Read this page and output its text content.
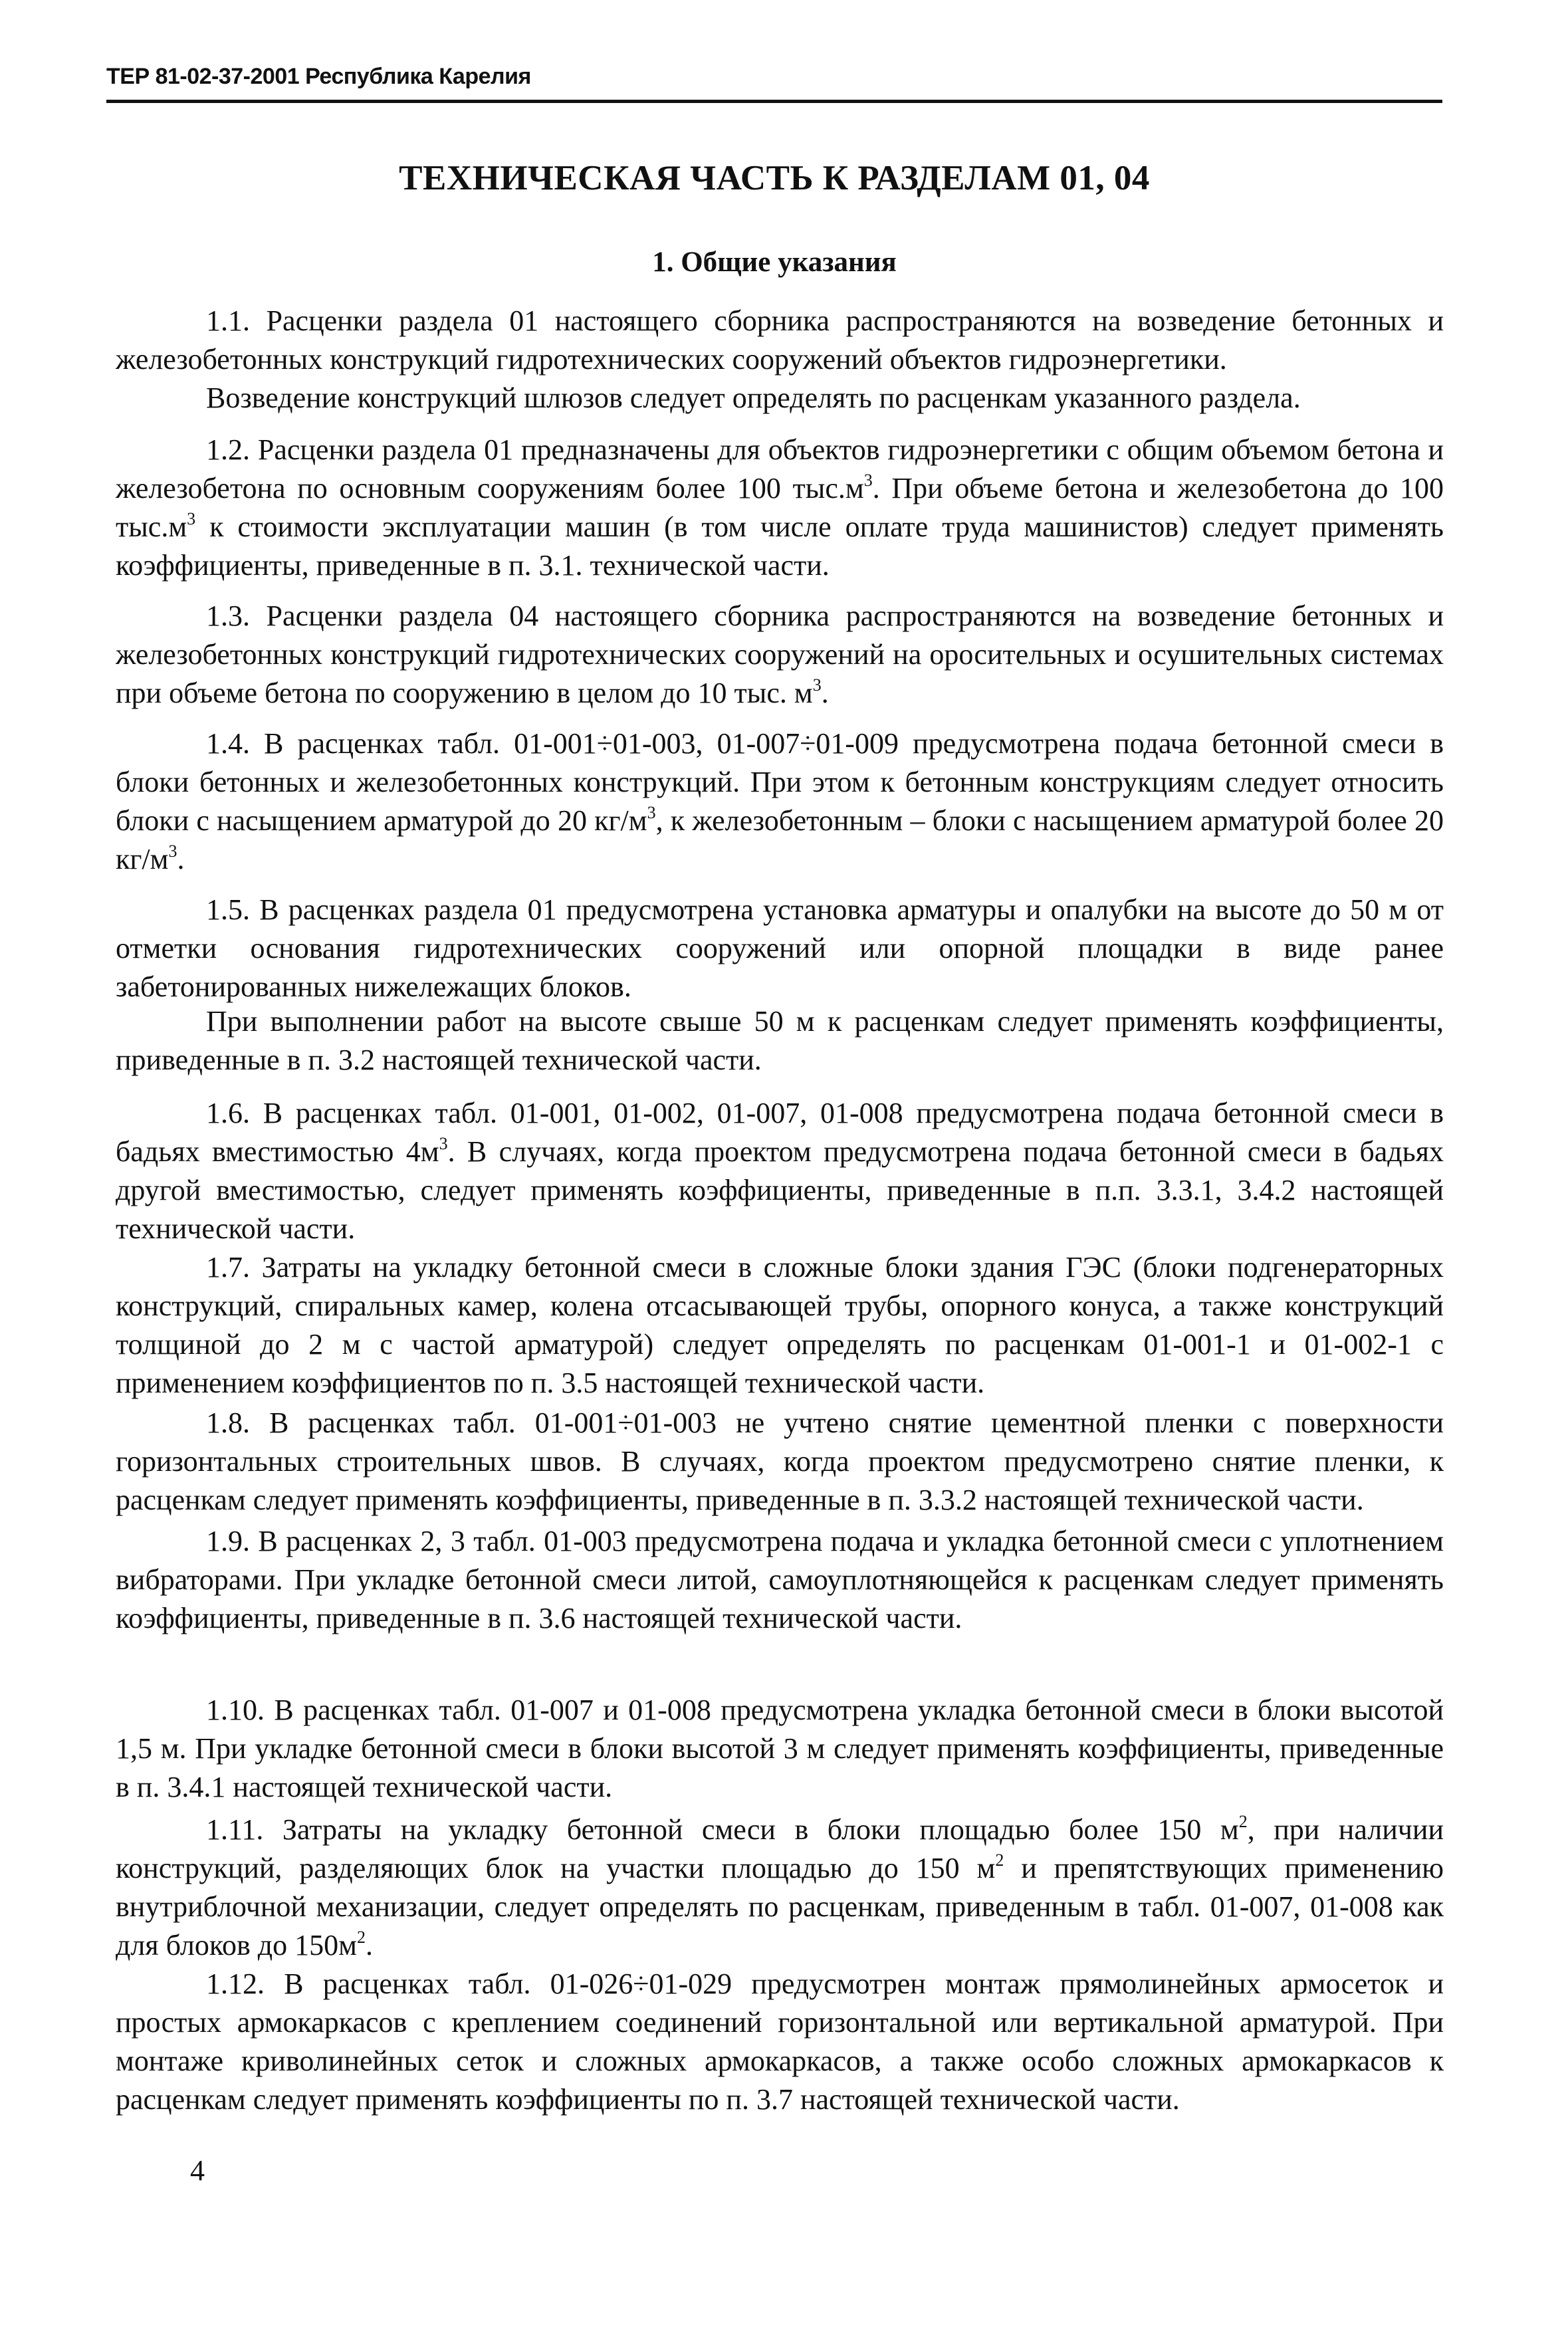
ТЕР 81-02-37-2001 Республика Карелия
ТЕХНИЧЕСКАЯ ЧАСТЬ К РАЗДЕЛАМ 01, 04
1. Общие указания

1.1. Расценки раздела 01 настоящего сборника распространяются на возведение бетонных и железобетонных конструкций гидротехнических сооружений объектов гидроэнергетики.

Возведение конструкций шлюзов следует определять по расценкам указанного раздела.

1.2. Расценки раздела 01 предназначены для объектов гидроэнергетики с общим объемом бетона и железобетона по основным сооружениям более 100 $тыс.м^3$. При объеме бетона и железобетона до 100 $тыс.м^3$ к стоимости эксплуатации машин (в том числе оплате труда машинистов) следует применять коэффициенты, приведенные в п. 3.1. технической части.

1.3. Расценки раздела 04 настоящего сборника распространяются на возведение бетонных и железобетонных конструкций гидротехнических сооружений на оросительных и осушительных системах при объеме бетона по сооружению в целом до 10 тыс. $м^3$.

1.4. В расценках табл. 01-001÷01-003, 01-007÷01-009 предусмотрена подача бетонной смеси в блоки бетонных и железобетонных конструкций. При этом к бетонным конструкциям следует относить блоки с насыщением арматурой до 20 $кг/м^3$, к железобетонным – блоки с насыщением арматурой более 20 $кг/м^3$.

1.5. В расценках раздела 01 предусмотрена установка арматуры и опалубки на высоте до 50 м от отметки основания гидротехнических сооружений или опорной площадки в виде ранее забетонированных нижележащих блоков.

При выполнении работ на высоте свыше 50 м к расценкам следует применять коэффициенты, приведенные в п. 3.2 настоящей технической части.

1.6. В расценках табл. 01-001, 01-002, 01-007, 01-008 предусмотрена подача бетонной смеси в бадьях вместимостью $4м^3$. В случаях, когда проектом предусмотрена подача бетонной смеси в бадьях другой вместимостью, следует применять коэффициенты, приведенные в п.п. 3.3.1, 3.4.2 настоящей технической части.

1.7. Затраты на укладку бетонной смеси в сложные блоки здания ГЭС (блоки подгенераторных конструкций, спиральных камер, колена отсасывающей трубы, опорного конуса, а также конструкций толщиной до 2 м с частой арматурой) следует определять по расценкам 01-001-1 и 01-002-1 с применением коэффициентов по п. 3.5 настоящей технической части.

1.8. В расценках табл. 01-001÷01-003 не учтено снятие цементной пленки с поверхности горизонтальных строительных швов. В случаях, когда проектом предусмотрено снятие пленки, к расценкам следует применять коэффициенты, приведенные в п. 3.3.2 настоящей технической части.

1.9. В расценках 2, 3 табл. 01-003 предусмотрена подача и укладка бетонной смеси с уплотнением вибраторами. При укладке бетонной смеси литой, самоуплотняющейся к расценкам следует применять коэффициенты, приведенные в п. 3.6 настоящей технической части.

1.10. В расценках табл. 01-007 и 01-008 предусмотрена укладка бетонной смеси в блоки высотой 1,5 м. При укладке бетонной смеси в блоки высотой 3 м следует применять коэффициенты, приведенные в п. 3.4.1 настоящей технической части.

1.11. Затраты на укладку бетонной смеси в блоки площадью более 150 $м^2$, при наличии конструкций, разделяющих блок на участки площадью до 150 $м^2$ и препятствующих применению внутриблочной механизации, следует определять по расценкам, приведенным в табл. 01-007, 01-008 как для блоков до $150м^2$.

1.12. В расценках табл. 01-026÷01-029 предусмотрен монтаж прямолинейных армосеток и простых армокаркасов с креплением соединений горизонтальной или вертикальной арматурой. При монтаже криволинейных сеток и сложных армокаркасов, а также особо сложных армокаркасов к расценкам следует применять коэффициенты по п. 3.7 настоящей технической части.

4
